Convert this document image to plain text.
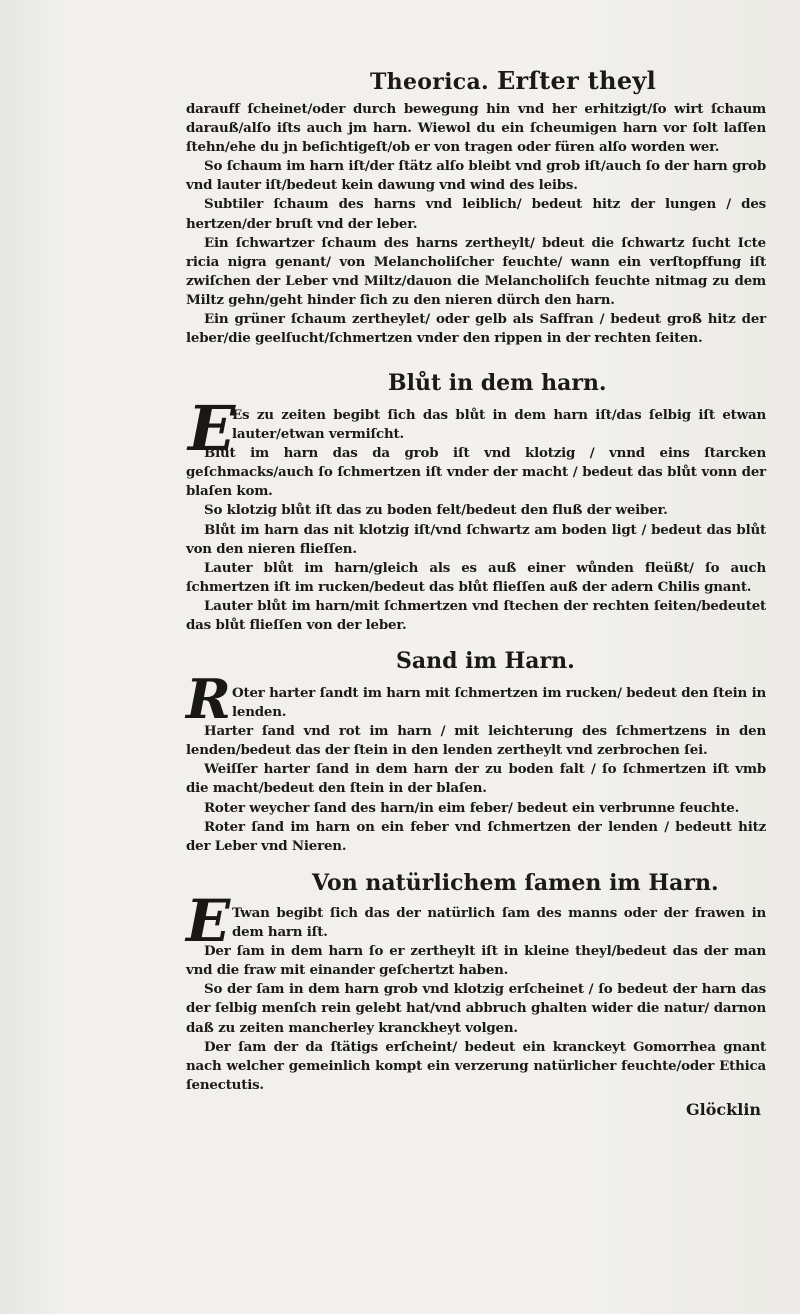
Theorica. Erſter theyl

darauff ſcheinet/oder durch bewegung hin vnd her erhitzigt/ſo wirt ſchaum darauß/alſo iſts auch jm harn. Wiewol du ein ſcheumigen harn vor ſolt laſſen ſtehn/ehe du jn beſichtigeſt/ob er von tragen oder füren alſo worden wer.

So ſchaum im harn iſt/der ſtätz alſo bleibt vnd grob iſt/auch ſo der harn grob vnd lauter iſt/bedeut kein dawung vnd wind des leibs.

Subtiler ſchaum des harns vnd leiblich/ bedeut hitz der lungen / des hertzen/der bruſt vnd der leber.

Ein ſchwartzer ſchaum des harns zertheylt/ bdeut die ſchwartz ſucht Icte ricia nigra genant/ von Melancholiſcher feuchte/ wann ein verſtopffung iſt zwiſchen der Leber vnd Miltz/dauon die Melancholiſch feuchte nitmag zu dem Miltz gehn/geht hinder ſich zu den nieren dürch den harn.

Ein grüner ſchaum zertheylet/ oder gelb als Saffran / bedeut groß hitz der leber/die geelſucht/ſchmertzen vnder den rippen in der rechten ſeiten.

Blůt in dem harn.
E

Es zu zeiten begibt ſich das blůt in dem harn iſt/das ſelbig iſt etwan lauter/etwan vermiſcht.

Blůt im harn das da grob iſt vnd klotzig / vnnd eins ſtarcken geſchmacks/auch ſo ſchmertzen iſt vnder der macht / bedeut das blůt vonn der blaſen kom.

So klotzig blůt iſt das zu boden felt/bedeut den fluß der weiber.

Blůt im harn das nit klotzig iſt/vnd ſchwartz am boden ligt / bedeut das blůt von den nieren flieſſen.

Lauter blůt im harn/gleich als es auß einer wůnden fleüßt/ ſo auch ſchmertzen iſt im rucken/bedeut das blůt flieſſen auß der adern Chilis gnant.

Lauter blůt im harn/mit ſchmertzen vnd ſtechen der rechten ſeiten/bedeutet das blůt flieſſen von der leber.

Sand im Harn.
R Oter harter ſandt im harn mit ſchmertzen im rucken/ bedeut den ſtein in lenden.

Harter ſand vnd rot im harn / mit leichterung des ſchmertzens in den lenden/bedeut das der ſtein in den lenden zertheylt vnd zerbrochen ſei.

Weiſſer harter ſand in dem harn der zu boden falt / ſo ſchmertzen iſt vmb die macht/bedeut den ſtein in der blaſen.

Roter weycher ſand des harn/in eim feber/ bedeut ein verbrunne feuchte.

Roter ſand im harn on ein feber vnd ſchmertzen der lenden / bedeutt hitz der Leber vnd Nieren.

Von natürlichem ſamen im Harn.
E Twan begibt ſich das der natürlich ſam des manns oder der frawen in dem harn iſt.

Der ſam in dem harn ſo er zertheylt iſt in kleine theyl/bedeut das der man vnd die fraw mit einander geſchertzt haben.

So der ſam in dem harn grob vnd klotzig erſcheinet / ſo bedeut der harn das der ſelbig menſch rein gelebt hat/vnd abbruch ghalten wider die natur/ darnon daß zu zeiten mancherley kranckheyt volgen.

Der ſam der da ſtätigs erſcheint/ bedeut ein kranckeyt Gomorrhea gnant nach welcher gemeinlich kompt ein verzerung natürlicher feuchte/oder Ethica ſenectutis.

Glöcklin
